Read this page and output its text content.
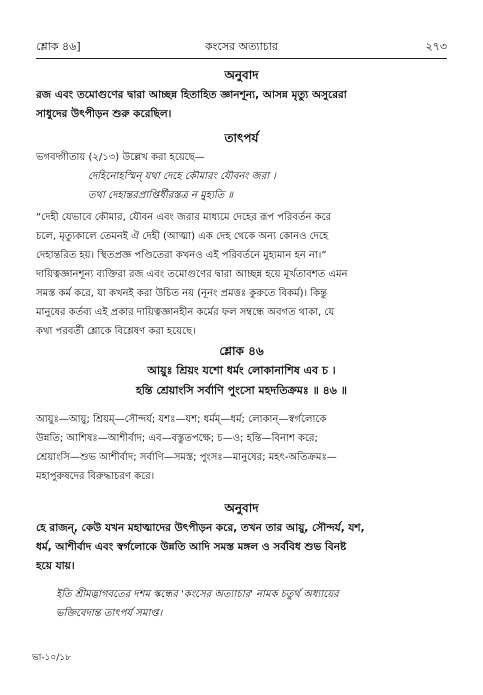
শ্লোক ৪৬]	কংসের অত্যাচার	২৭৩
অনুবাদ
রজ এবং তমোগুণের দ্বারা আচ্ছন্ন হিতাহিত জ্ঞানশূন্য, আসন্ন মৃত্যু অসুরেরা
সাধুদের উৎপীড়ন শুরু করেছিল।
তাৎপর্য
ভগবদ্গীতায় (২/১৩) উল্লেখ করা হয়েছে—
দেহিনোহস্মিন্ যথা দেহে কৌমারং যৌবনং জরা ।
তথা দেহান্তরপ্রাপ্তির্ধীরস্তত্র ন মুহ্যতি ॥
“দেহী যেভাবে কৌমার, যৌবন এবং জরার মাধ্যমে দেহের রূপ পরিবর্তন করে
চলে, মৃত্যুকালে তেমনই ঐ দেহী (আত্মা) এক দেহ থেকে অন্য কোনও দেহে
দেহান্তরিত হয়। স্থিতপ্রজ্ঞ পণ্ডিতেরা কখনও এই পরিবর্তনে মুহ্যমান হন না।”
দায়িত্বজ্ঞানশূন্য ব্যক্তিরা রজ এবং তমোগুণের দ্বারা আচ্ছন্ন হয়ে মূর্খতাবশত এমন
সমস্ত কর্ম করে, যা কখনই করা উচিত নয় (নূনং প্রমত্তঃ কুরুতে বিকর্ম)। কিন্তু
মানুষের কর্তব্য এই প্রকার দায়িত্বজ্ঞানহীন কর্মের ফল সম্বন্ধে অবগত থাকা, যে
কথা পরবর্তী শ্লোকে বিশ্লেষণ করা হয়েছে।
শ্লোক ৪৬
আয়ুঃ শ্রিয়ং যশো ধর্মং লোকানাশিষ এব চ ।
হন্তি শ্রেয়াংসি সর্বাণি পুংসো মহদতিক্রমঃ ॥ ৪৬ ॥
আয়ুঃ—আয়ু; শ্রিয়ম্—সৌন্দর্য; যশঃ—যশ; ধর্মম্—ধর্ম; লোকান্—স্বর্গলোকে
উন্নতি; আশিষঃ—আশীর্বাদ; এব—বস্তুতপক্ষে; চ—ও; হন্তি—বিনাশ করে;
শ্রেয়াংসি—শুভ আশীর্বাদ; সর্বাণি—সমস্ত; পুংসঃ—মানুষের; মহৎ-অতিক্রমঃ—
মহাপুরুষদের বিরুদ্ধাচরণ করে।
অনুবাদ
হে রাজন্, কেউ যখন মহাত্মাদের উৎপীড়ন করে, তখন তার আয়ু, সৌন্দর্য, যশ,
ধর্ম, আশীর্বাদ এবং স্বর্গলোকে উন্নতি আদি সমস্ত মঙ্গল ও সর্ববিধ শুভ বিনষ্ট
হয়ে যায়।
ইতি শ্রীমদ্ভাগবতের দশম স্কন্ধের 'কংসের অত্যাচার' নামক চতুর্থ অধ্যায়ের
ভক্তিবেদান্ত তাৎপর্য সমাপ্ত।
ভা-১০/১৮
